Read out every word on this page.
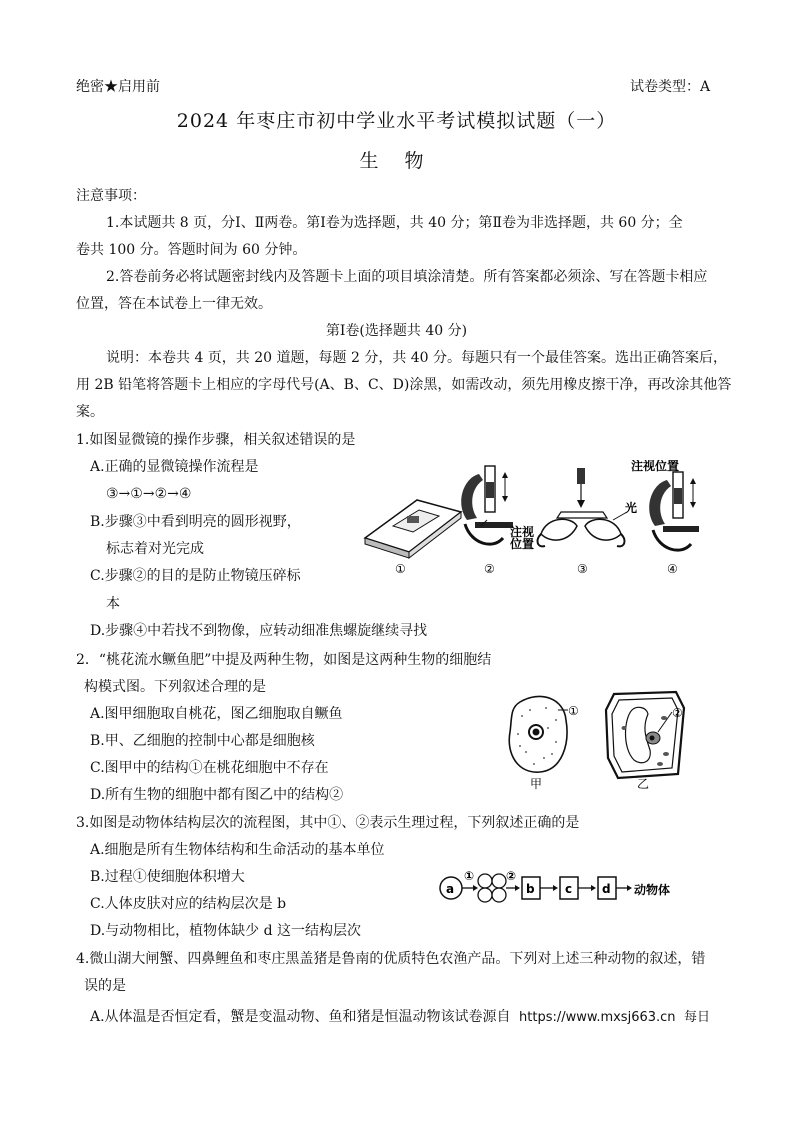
绝密★启用前	试卷类型：A
2024 年枣庄市初中学业水平考试模拟试题（一）
生 物
注意事项：
1.本试题共 8 页，分Ⅰ、Ⅱ两卷。第Ⅰ卷为选择题，共 40 分；第Ⅱ卷为非选择题，共 60 分；全
卷共 100 分。答题时间为 60 分钟。
2.答卷前务必将试题密封线内及答题卡上面的项目填涂清楚。所有答案都必须涂、写在答题卡相应
位置，答在本试卷上一律无效。
第Ⅰ卷(选择题共 40 分)
说明：本卷共 4 页，共 20 道题，每题 2 分，共 40 分。每题只有一个最佳答案。选出正确答案后，
用 2B 铅笔将答题卡上相应的字母代号(A、B、C、D)涂黑，如需改动，须先用橡皮擦干净，再改涂其他答
案。
1.如图显微镜的操作步骤，相关叙述错误的是
A.正确的显微镜操作流程是
③→①→②→④
B.步骤③中看到明亮的圆形视野，
标志着对光完成
C.步骤②的目的是防止物镜压碎标
本
D.步骤④中若找不到物像，应转动细准焦螺旋继续寻找
注视
位置
光
注视位置
①	②	③	④
2．“桃花流水鳜鱼肥”中提及两种生物，如图是这两种生物的细胞结
构模式图。下列叙述合理的是
A.图甲细胞取自桃花，图乙细胞取自鳜鱼
B.甲、乙细胞的控制中心都是细胞核
C.图甲中的结构①在桃花细胞中不存在
D.所有生物的细胞中都有图乙中的结构②
①
甲
②
乙
3.如图是动物体结构层次的流程图，其中①、②表示生理过程，下列叙述正确的是
A.细胞是所有生物体结构和生命活动的基本单位
B.过程①使细胞体积增大
C.人体皮肤对应的结构层次是 b
D.与动物相比，植物体缺少 d 这一结构层次
a
①	②
b	c d 动物体
4.微山湖大闸蟹、四鼻鲤鱼和枣庄黑盖猪是鲁南的优质特色农渔产品。下列对上述三种动物的叙述，错
误的是
A.从体温是否恒定看，蟹是变温动物、鱼和猪是恒温动物该试卷源自 https://www.mxsj663.cn 每日
